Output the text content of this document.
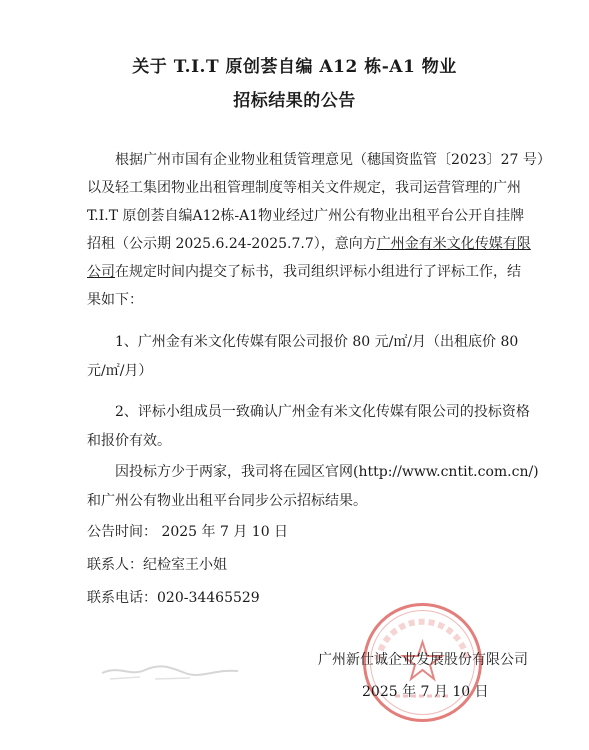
关于 T.I.T 原创荟自编 A12 栋-A1 物业
招标结果的公告
根据广州市国有企业物业租赁管理意见（穗国资监管〔2023〕27 号）
以及轻工集团物业出租管理制度等相关文件规定，我司运营管理的广州
T.I.T 原创荟自编A12栋-A1物业经过广州公有物业出租平台公开自挂牌
招租（公示期 2025.6.24-2025.7.7），意向方广州金有米文化传媒有限
公司在规定时间内提交了标书，我司组织评标小组进行了评标工作，结
果如下：
1、广州金有米文化传媒有限公司报价 80 元/㎡/月（出租底价 80
元/㎡/月）
2、评标小组成员一致确认广州金有米文化传媒有限公司的投标资格
和报价有效。
因投标方少于两家，我司将在园区官网(http://www.cntit.com.cn/)
和广州公有物业出租平台同步公示招标结果。
公告时间： 2025 年 7 月 10 日
联系人：纪检室王小姐
联系电话：020-34465529
广州新仕诚企业发展股份有限公司
2025 年 7 月 10 日
